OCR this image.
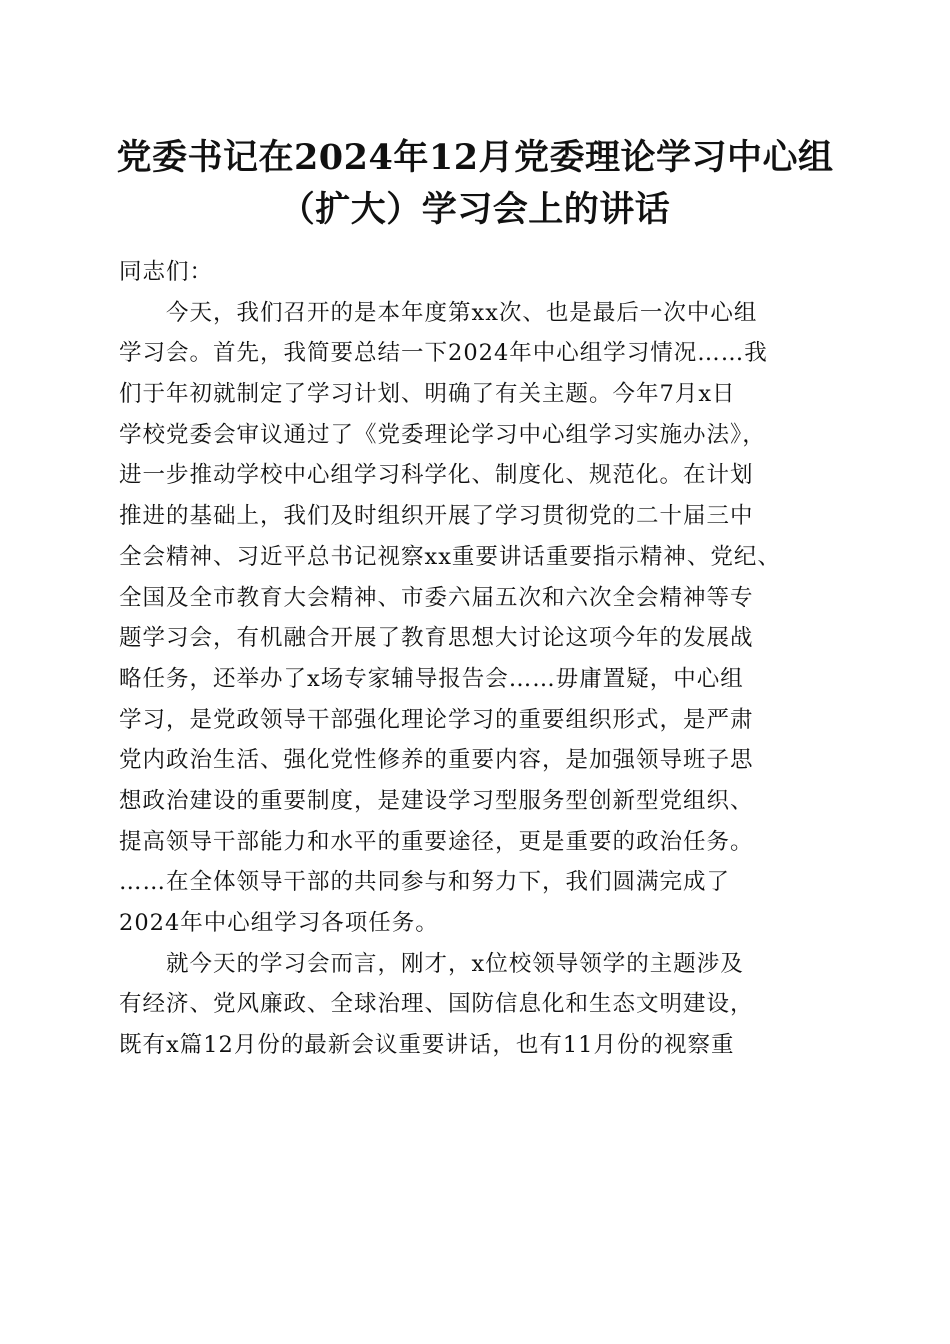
党委书记在2024年12月党委理论学习中心组
（扩大）学习会上的讲话
同志们：
　　今天，我们召开的是本年度第xx次、也是最后一次中心组
学习会。首先，我简要总结一下2024年中心组学习情况……我
们于年初就制定了学习计划、明确了有关主题。今年7月x日
学校党委会审议通过了《党委理论学习中心组学习实施办法》，
进一步推动学校中心组学习科学化、制度化、规范化。在计划
推进的基础上，我们及时组织开展了学习贯彻党的二十届三中
全会精神、习近平总书记视察xx重要讲话重要指示精神、党纪、
全国及全市教育大会精神、市委六届五次和六次全会精神等专
题学习会，有机融合开展了教育思想大讨论这项今年的发展战
略任务，还举办了x场专家辅导报告会……毋庸置疑，中心组
学习，是党政领导干部强化理论学习的重要组织形式，是严肃
党内政治生活、强化党性修养的重要内容，是加强领导班子思
想政治建设的重要制度，是建设学习型服务型创新型党组织、
提高领导干部能力和水平的重要途径，更是重要的政治任务。
……在全体领导干部的共同参与和努力下，我们圆满完成了
2024年中心组学习各项任务。
　　就今天的学习会而言，刚才，x位校领导领学的主题涉及
有经济、党风廉政、全球治理、国防信息化和生态文明建设，
既有x篇12月份的最新会议重要讲话，也有11月份的视察重
